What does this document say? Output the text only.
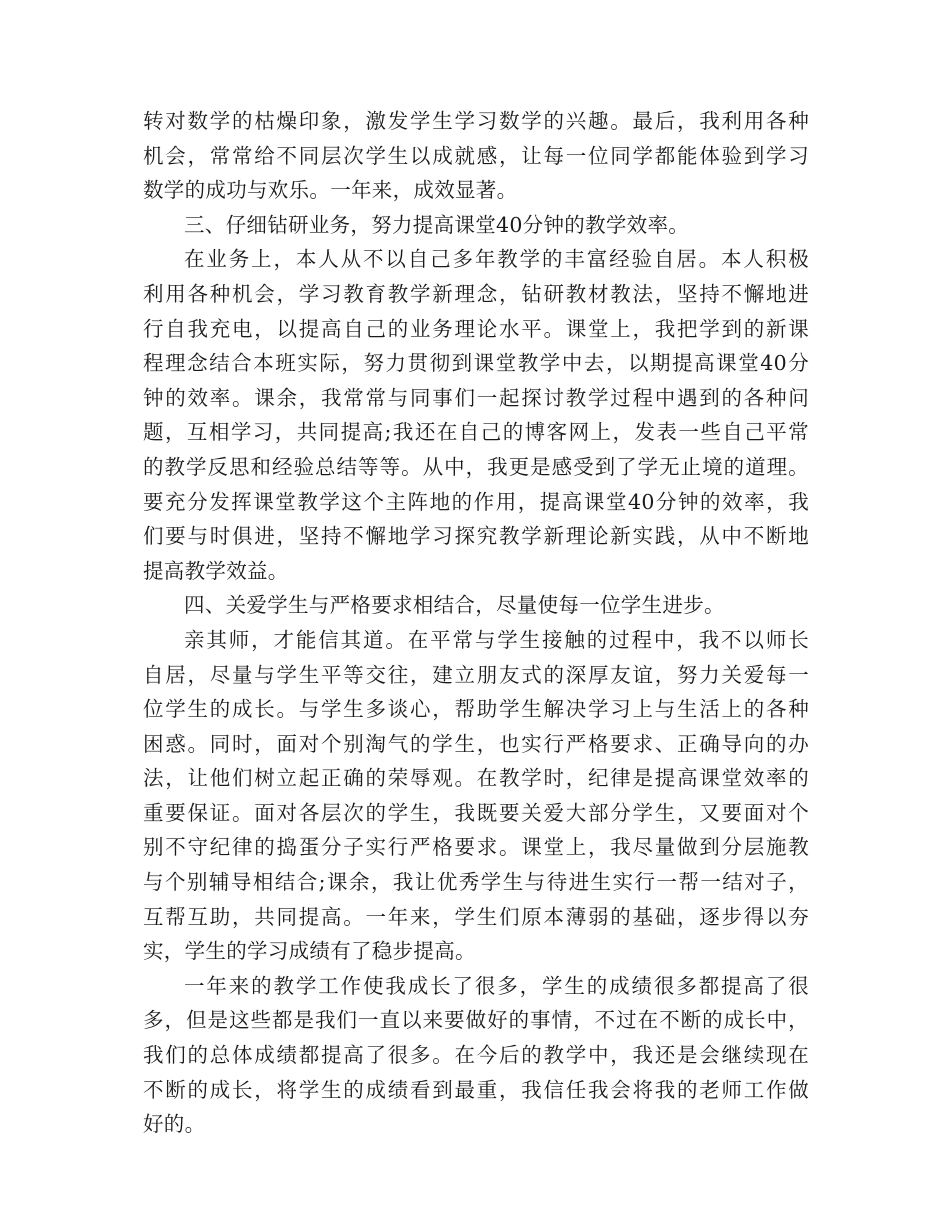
转对数学的枯燥印象，激发学生学习数学的兴趣。最后，我利用各种
机会，常常给不同层次学生以成就感，让每一位同学都能体验到学习
数学的成功与欢乐。一年来，成效显著。
三、仔细钻研业务，努力提高课堂40分钟的教学效率。
在业务上，本人从不以自己多年教学的丰富经验自居。本人积极
利用各种机会，学习教育教学新理念，钻研教材教法，坚持不懈地进
行自我充电，以提高自己的业务理论水平。课堂上，我把学到的新课
程理念结合本班实际，努力贯彻到课堂教学中去，以期提高课堂40分
钟的效率。课余，我常常与同事们一起探讨教学过程中遇到的各种问
题，互相学习，共同提高;我还在自己的博客网上，发表一些自己平常
的教学反思和经验总结等等。从中，我更是感受到了学无止境的道理。
要充分发挥课堂教学这个主阵地的作用，提高课堂40分钟的效率，我
们要与时俱进，坚持不懈地学习探究教学新理论新实践，从中不断地
提高教学效益。
四、关爱学生与严格要求相结合，尽量使每一位学生进步。
亲其师，才能信其道。在平常与学生接触的过程中，我不以师长
自居，尽量与学生平等交往，建立朋友式的深厚友谊，努力关爱每一
位学生的成长。与学生多谈心，帮助学生解决学习上与生活上的各种
困惑。同时，面对个别淘气的学生，也实行严格要求、正确导向的办
法，让他们树立起正确的荣辱观。在教学时，纪律是提高课堂效率的
重要保证。面对各层次的学生，我既要关爱大部分学生，又要面对个
别不守纪律的捣蛋分子实行严格要求。课堂上，我尽量做到分层施教
与个别辅导相结合;课余，我让优秀学生与待进生实行一帮一结对子，
互帮互助，共同提高。一年来，学生们原本薄弱的基础，逐步得以夯
实，学生的学习成绩有了稳步提高。
一年来的教学工作使我成长了很多，学生的成绩很多都提高了很
多，但是这些都是我们一直以来要做好的事情，不过在不断的成长中，
我们的总体成绩都提高了很多。在今后的教学中，我还是会继续现在
不断的成长，将学生的成绩看到最重，我信任我会将我的老师工作做
好的。
